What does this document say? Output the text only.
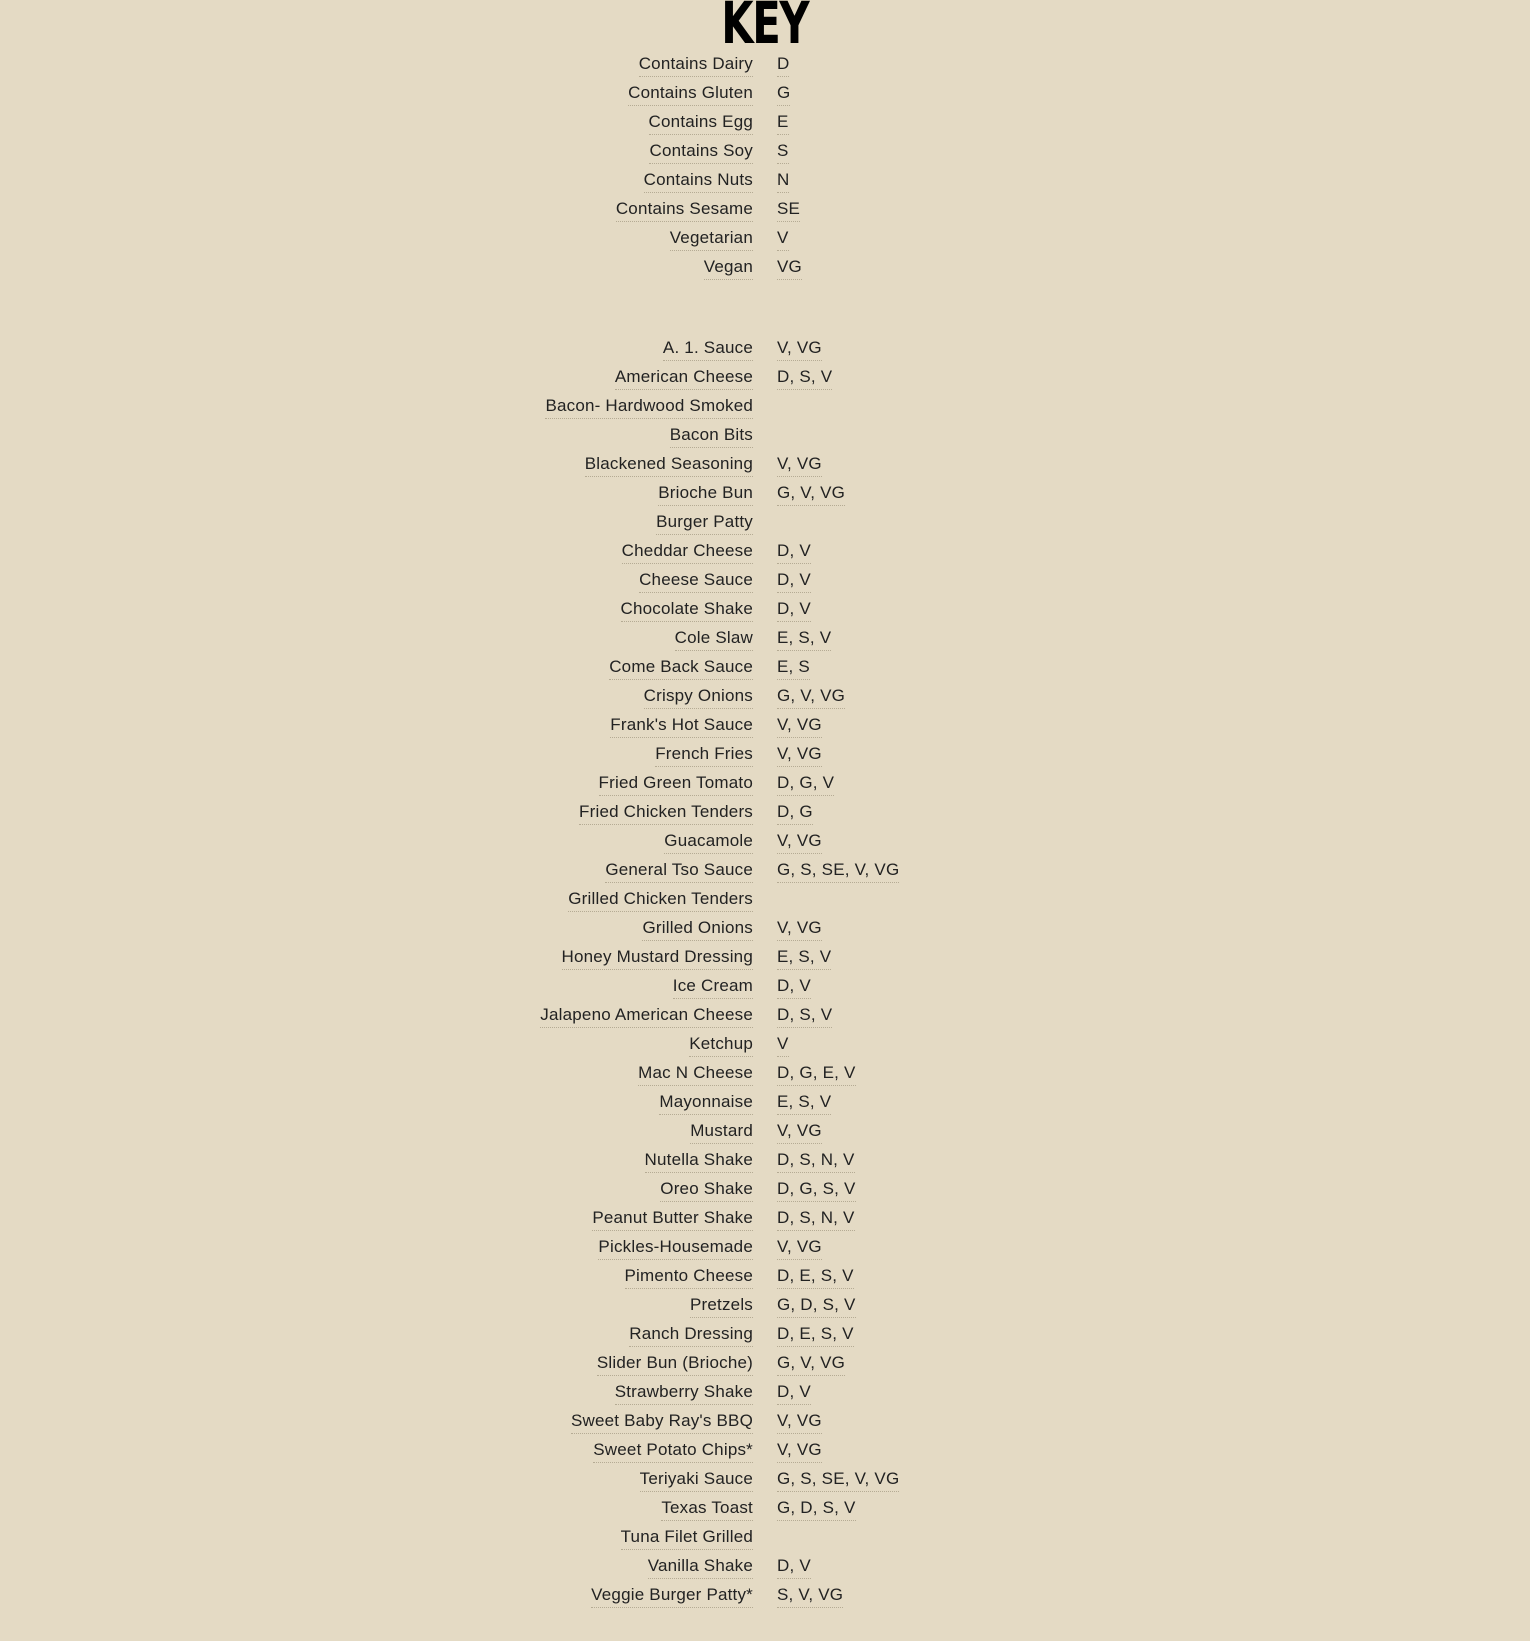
KEY
Contains Dairy D
Contains Gluten G
Contains Egg E
Contains Soy S
Contains Nuts N
Contains Sesame SE
Vegetarian V
Vegan VG
A. 1. Sauce V, VG
American Cheese D, S, V
Bacon- Hardwood Smoked
Bacon Bits
Blackened Seasoning V, VG
Brioche Bun G, V, VG
Burger Patty
Cheddar Cheese D, V
Cheese Sauce D, V
Chocolate Shake D, V
Cole Slaw E, S, V
Come Back Sauce E, S
Crispy Onions G, V, VG
Frank's Hot Sauce V, VG
French Fries V, VG
Fried Green Tomato D, G, V
Fried Chicken Tenders D, G
Guacamole V, VG
General Tso Sauce G, S, SE, V, VG
Grilled Chicken Tenders
Grilled Onions V, VG
Honey Mustard Dressing E, S, V
Ice Cream D, V
Jalapeno American Cheese D, S, V
Ketchup V
Mac N Cheese D, G, E, V
Mayonnaise E, S, V
Mustard V, VG
Nutella Shake D, S, N, V
Oreo Shake D, G, S, V
Peanut Butter Shake D, S, N, V
Pickles-Housemade V, VG
Pimento Cheese D, E, S, V
Pretzels G, D, S, V
Ranch Dressing D, E, S, V
Slider Bun (Brioche) G, V, VG
Strawberry Shake D, V
Sweet Baby Ray's BBQ V, VG
Sweet Potato Chips* V, VG
Teriyaki Sauce G, S, SE, V, VG
Texas Toast G, D, S, V
Tuna Filet Grilled
Vanilla Shake D, V
Veggie Burger Patty* S, V, VG
